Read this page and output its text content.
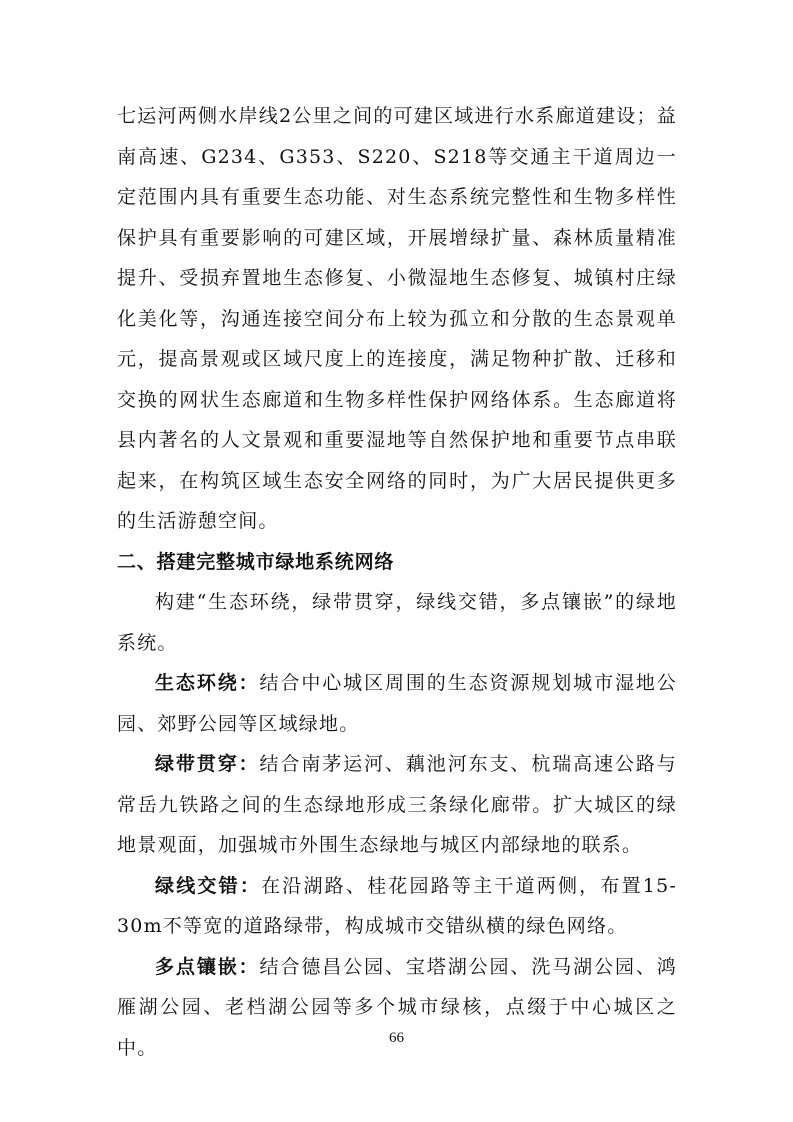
七运河两侧水岸线2公里之间的可建区域进行水系廊道建设；益南高速、G234、G353、S220、S218等交通主干道周边一定范围内具有重要生态功能、对生态系统完整性和生物多样性保护具有重要影响的可建区域，开展增绿扩量、森林质量精准提升、受损弃置地生态修复、小微湿地生态修复、城镇村庄绿化美化等，沟通连接空间分布上较为孤立和分散的生态景观单元，提高景观或区域尺度上的连接度，满足物种扩散、迁移和交换的网状生态廊道和生物多样性保护网络体系。生态廊道将县内著名的人文景观和重要湿地等自然保护地和重要节点串联起来，在构筑区域生态安全网络的同时，为广大居民提供更多的生活游憩空间。

二、搭建完整城市绿地系统网络

构建“生态环绕，绿带贯穿，绿线交错，多点镶嵌”的绿地系统。

生态环绕：结合中心城区周围的生态资源规划城市湿地公园、郊野公园等区域绿地。

绿带贯穿：结合南茅运河、藕池河东支、杭瑞高速公路与常岳九铁路之间的生态绿地形成三条绿化廊带。扩大城区的绿地景观面，加强城市外围生态绿地与城区内部绿地的联系。

绿线交错：在沿湖路、桂花园路等主干道两侧，布置15-30m不等宽的道路绿带，构成城市交错纵横的绿色网络。

多点镶嵌：结合德昌公园、宝塔湖公园、洗马湖公园、鸿雁湖公园、老档湖公园等多个城市绿核，点缀于中心城区之中。	66
